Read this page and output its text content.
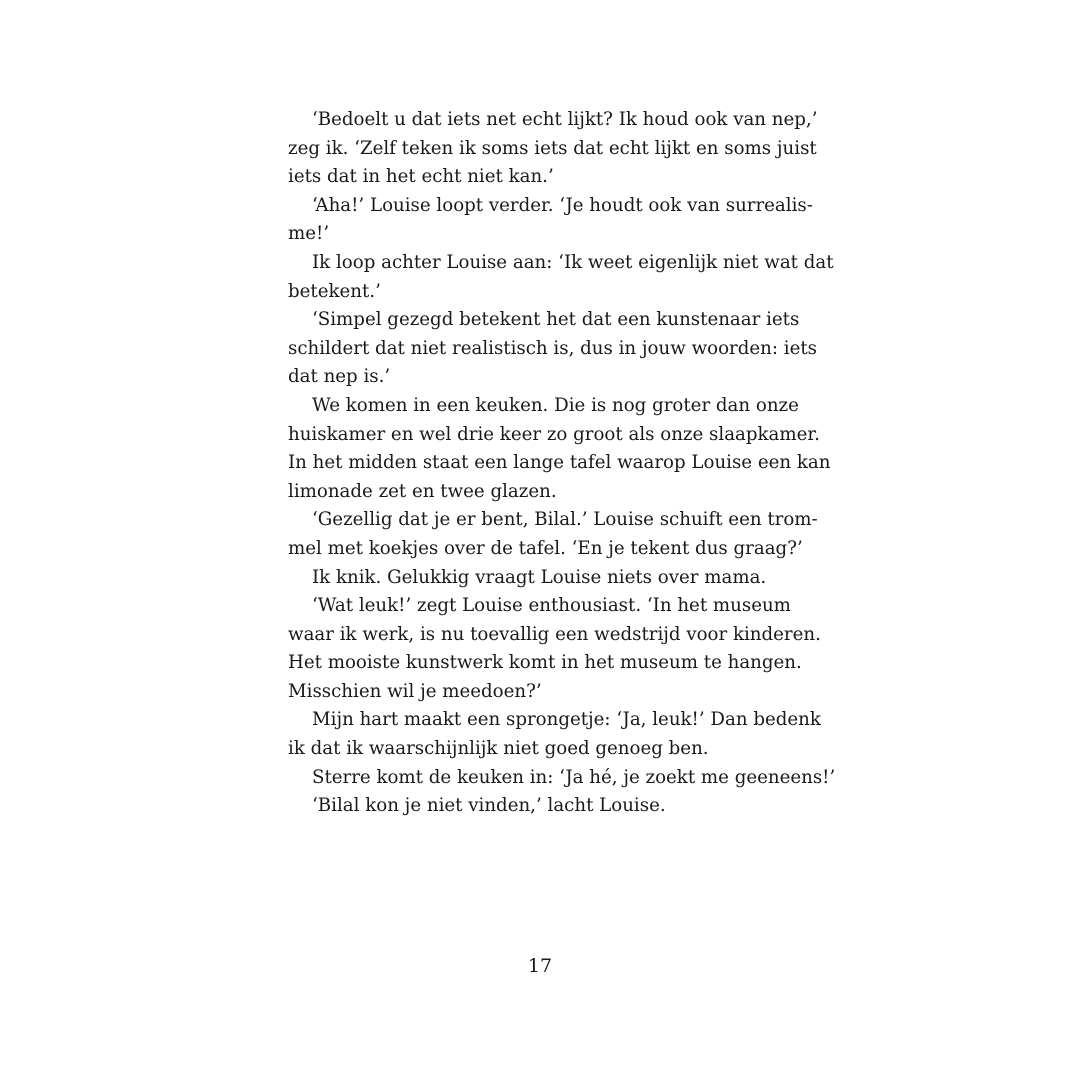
‘Bedoelt u dat iets net echt lijkt? Ik houd ook van nep,’
zeg ik. ‘Zelf teken ik soms iets dat echt lijkt en soms juist
iets dat in het echt niet kan.’
‘Aha!’ Louise loopt verder. ‘Je houdt ook van surrealis-
me!’
Ik loop achter Louise aan: ‘Ik weet eigenlijk niet wat dat
betekent.’
‘Simpel gezegd betekent het dat een kunstenaar iets
schildert dat niet realistisch is, dus in jouw woorden: iets
dat nep is.’
We komen in een keuken. Die is nog groter dan onze
huiskamer en wel drie keer zo groot als onze slaapkamer.
In het midden staat een lange tafel waarop Louise een kan
limonade zet en twee glazen.
‘Gezellig dat je er bent, Bilal.’ Louise schuift een trom-
mel met koekjes over de tafel. ‘En je tekent dus graag?’
Ik knik. Gelukkig vraagt Louise niets over mama.
‘Wat leuk!’ zegt Louise enthousiast. ‘In het museum
waar ik werk, is nu toevallig een wedstrijd voor kinderen.
Het mooiste kunstwerk komt in het museum te hangen.
Misschien wil je meedoen?’
Mijn hart maakt een sprongetje: ‘Ja, leuk!’ Dan bedenk
ik dat ik waarschijnlijk niet goed genoeg ben.
Sterre komt de keuken in: ‘Ja hé, je zoekt me geeneens!’
‘Bilal kon je niet vinden,’ lacht Louise.
17
